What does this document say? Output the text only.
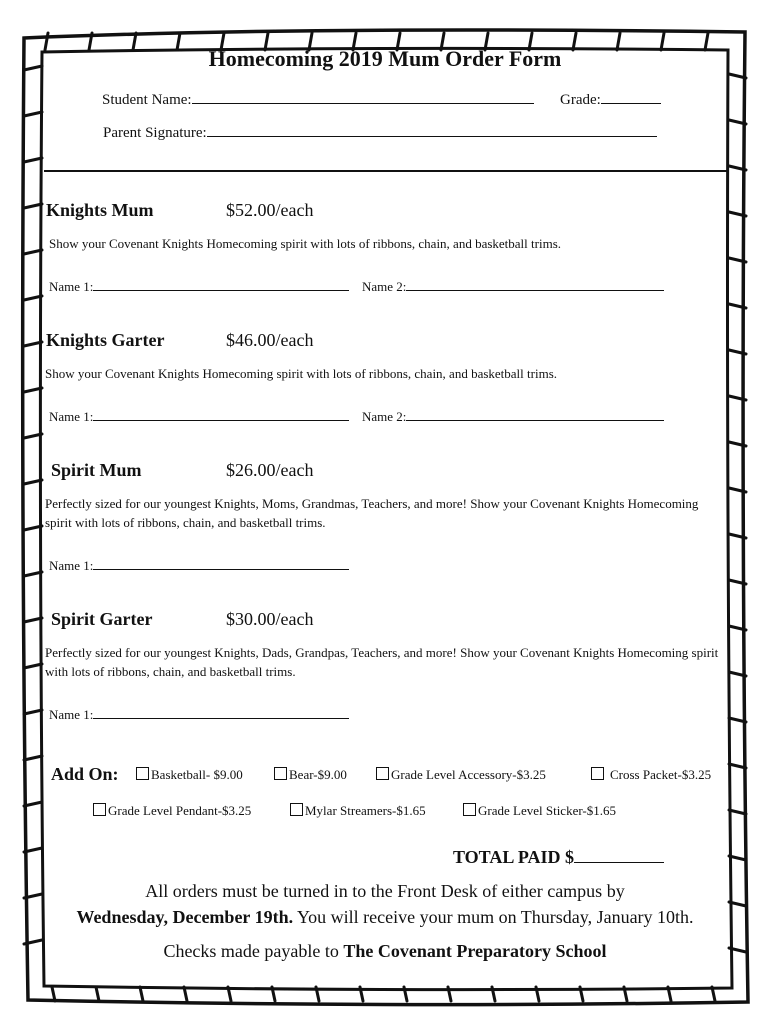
Homecoming 2019 Mum Order Form
Student Name:	Grade:
Parent Signature:
Knights Mum	$52.00/each
Show your Covenant Knights Homecoming spirit with lots of ribbons, chain, and basketball trims.
Name 1:	Name 2:
Knights Garter	$46.00/each
Show your Covenant Knights Homecoming spirit with lots of ribbons, chain, and basketball trims.
Name 1:	Name 2:
Spirit Mum	$26.00/each
Perfectly sized for our youngest Knights, Moms, Grandmas, Teachers, and more! Show your Covenant Knights Homecoming spirit with lots of ribbons, chain, and basketball trims.
Name 1:
Spirit Garter	$30.00/each
Perfectly sized for our youngest Knights, Dads, Grandpas, Teachers, and more! Show your Covenant Knights Homecoming spirit with lots of ribbons, chain, and basketball trims.
Name 1:
Add On:	Basketball- $9.00	Bear-$9.00	Grade Level Accessory-$3.25	Cross Packet-$3.25
Grade Level Pendant-$3.25	Mylar Streamers-$1.65	Grade Level Sticker-$1.65
TOTAL PAID $
All orders must be turned in to the Front Desk of either campus by
Wednesday, December 19th. You will receive your mum on Thursday, January 10th.
Checks made payable to The Covenant Preparatory School
